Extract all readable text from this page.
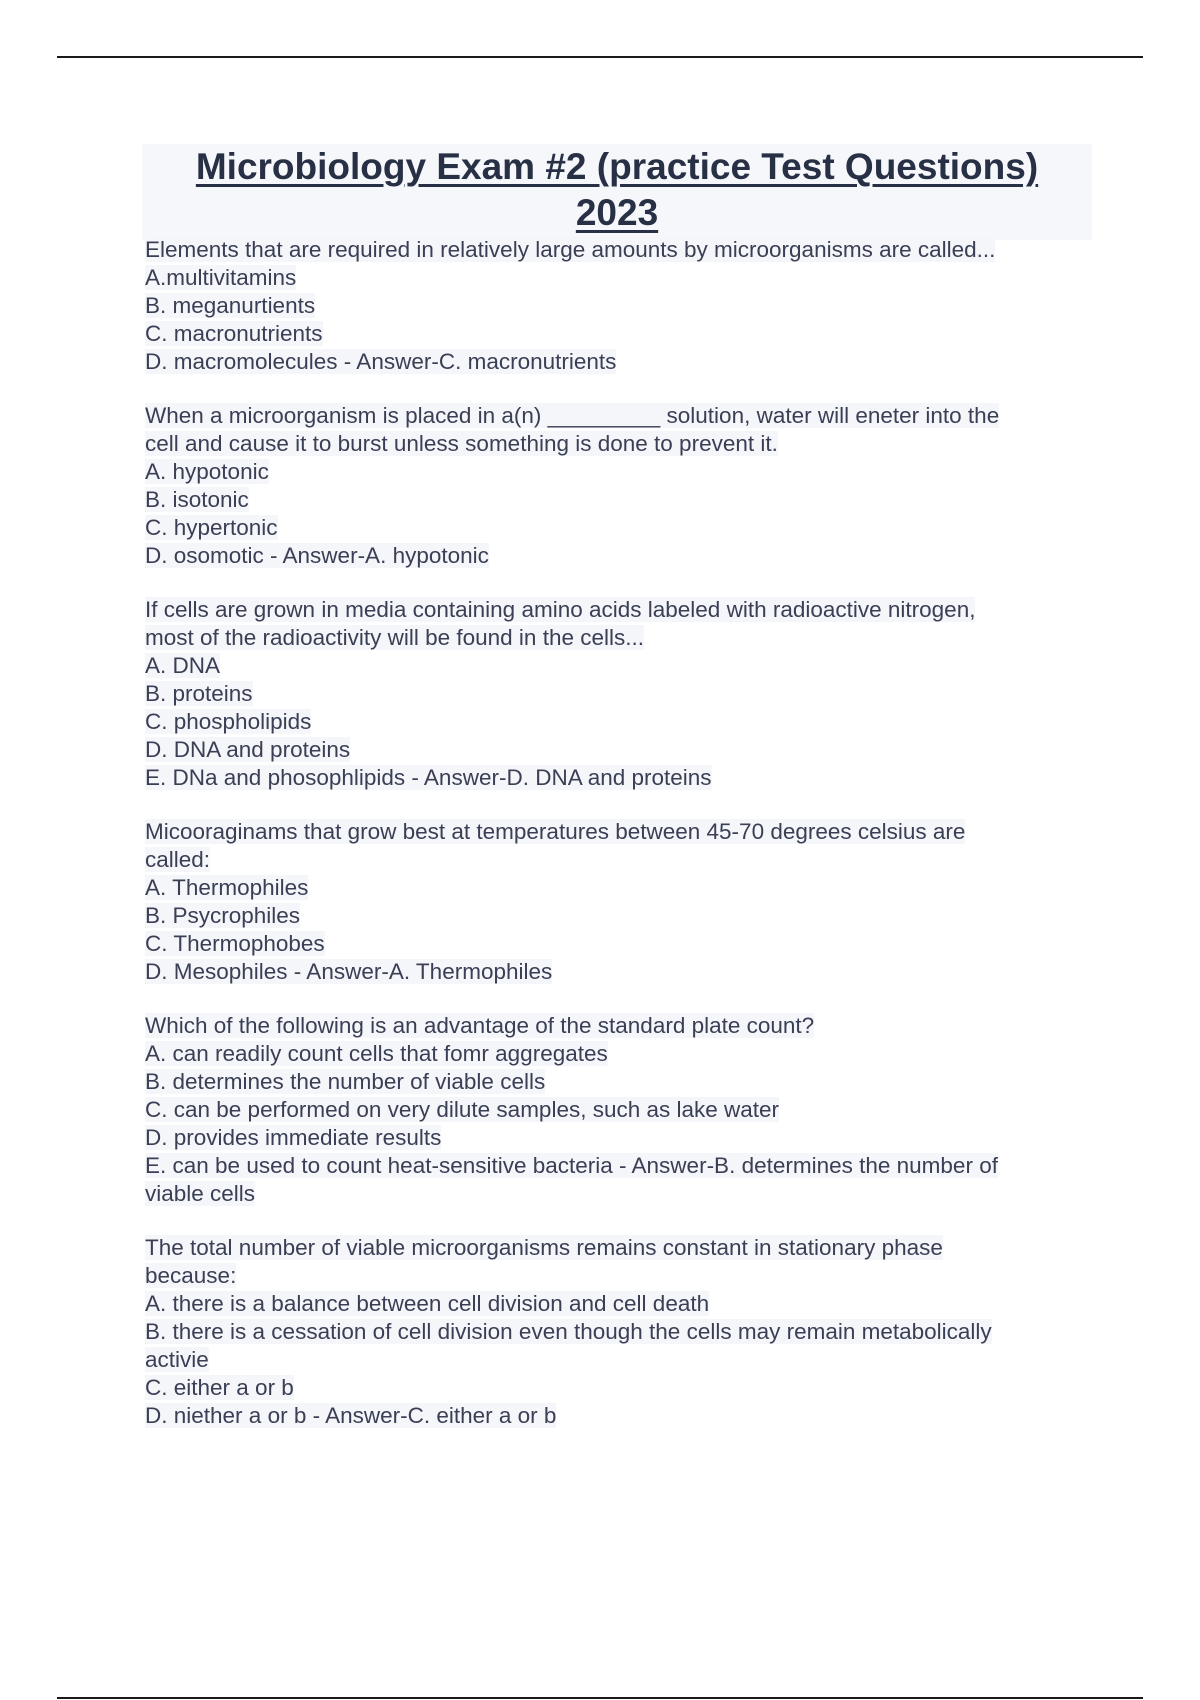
Microbiology Exam #2 (practice Test Questions)
2023
Elements that are required in relatively large amounts by microorganisms are called...
A.multivitamins
B. meganurtients
C. macronutrients
D. macromolecules - Answer-C. macronutrients
When a microorganism is placed in a(n) _________ solution, water will eneter into the
cell and cause it to burst unless something is done to prevent it.
A. hypotonic
B. isotonic
C. hypertonic
D. osomotic - Answer-A. hypotonic
If cells are grown in media containing amino acids labeled with radioactive nitrogen,
most of the radioactivity will be found in the cells...
A. DNA
B. proteins
C. phospholipids
D. DNA and proteins
E. DNa and phosophlipids - Answer-D. DNA and proteins
Micooraginams that grow best at temperatures between 45-70 degrees celsius are
called:
A. Thermophiles
B. Psycrophiles
C. Thermophobes
D. Mesophiles - Answer-A. Thermophiles
Which of the following is an advantage of the standard plate count?
A. can readily count cells that fomr aggregates
B. determines the number of viable cells
C. can be performed on very dilute samples, such as lake water
D. provides immediate results
E. can be used to count heat-sensitive bacteria - Answer-B. determines the number of
viable cells
The total number of viable microorganisms remains constant in stationary phase
because:
A. there is a balance between cell division and cell death
B. there is a cessation of cell division even though the cells may remain metabolically
activie
C. either a or b
D. niether a or b - Answer-C. either a or b
